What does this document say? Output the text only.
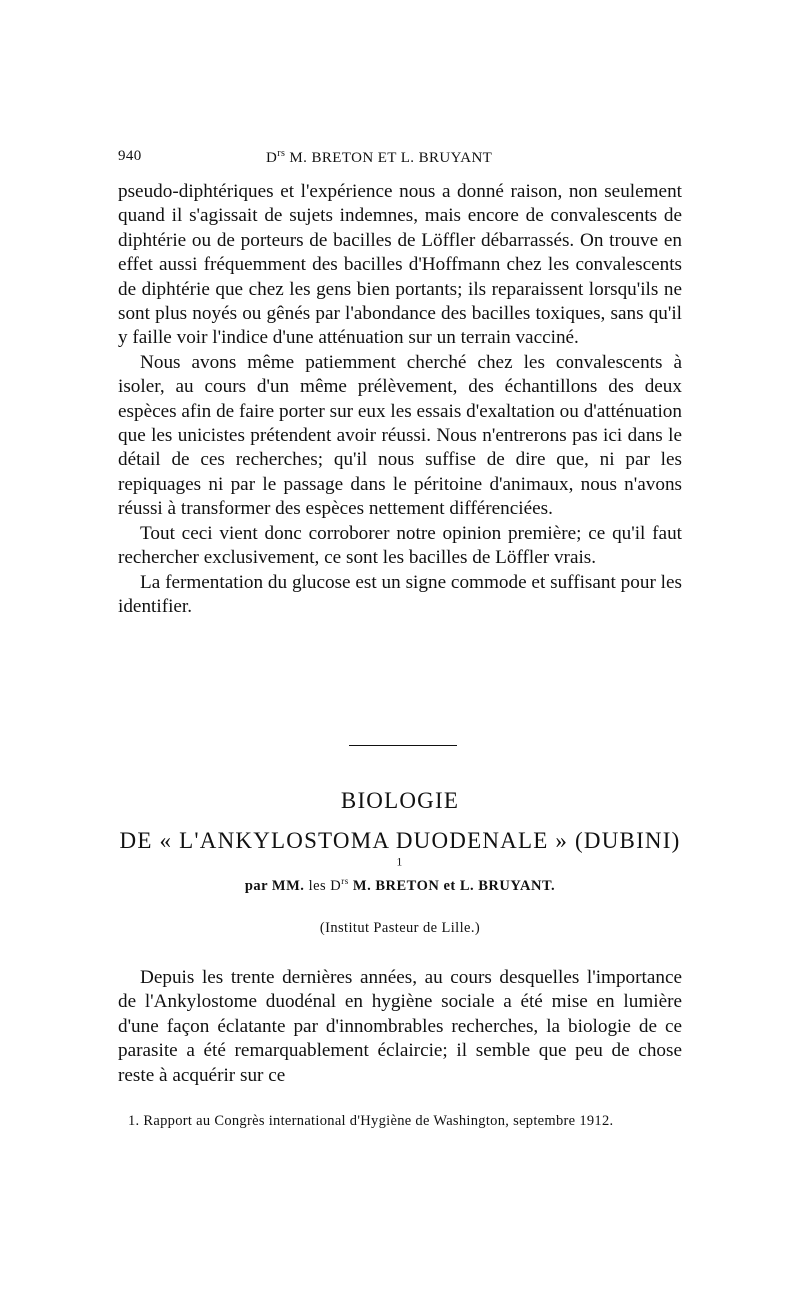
940	$D^{rs}$ M. BRETON ET L. BRUYANT

pseudo-diphtériques et l'expérience nous a donné raison, non seulement quand il s'agissait de sujets indemnes, mais encore de convalescents de diphtérie ou de porteurs de bacilles de Löffler débarrassés. On trouve en effet aussi fréquemment des bacilles d'Hoffmann chez les convalescents de diphtérie que chez les gens bien portants; ils reparaissent lorsqu'ils ne sont plus noyés ou gênés par l'abondance des bacilles toxiques, sans qu'il y faille voir l'indice d'une atténuation sur un terrain vacciné.

Nous avons même patiemment cherché chez les convalescents à isoler, au cours d'un même prélèvement, des échantillons des deux espèces afin de faire porter sur eux les essais d'exaltation ou d'atténuation que les unicistes prétendent avoir réussi. Nous n'entrerons pas ici dans le détail de ces recherches; qu'il nous suffise de dire que, ni par les repiquages ni par le passage dans le péritoine d'animaux, nous n'avons réussi à transformer des espèces nettement différenciées.

Tout ceci vient donc corroborer notre opinion première; ce qu'il faut rechercher exclusivement, ce sont les bacilles de Löffler vrais.

La fermentation du glucose est un signe commode et suffisant pour les identifier.

BIOLOGIE
DE « L'ANKYLOSTOMA DUODENALE » (DUBINI) $^1$
par MM. les $D^{rs}$ M. BRETON et L. BRUYANT.
(Institut Pasteur de Lille.)

Depuis les trente dernières années, au cours desquelles l'importance de l'Ankylostome duodénal en hygiène sociale a été mise en lumière d'une façon éclatante par d'innombrables recherches, la biologie de ce parasite a été remarquablement éclaircie; il semble que peu de chose reste à acquérir sur ce

1. Rapport au Congrès international d'Hygiène de Washington, septembre 1912.
